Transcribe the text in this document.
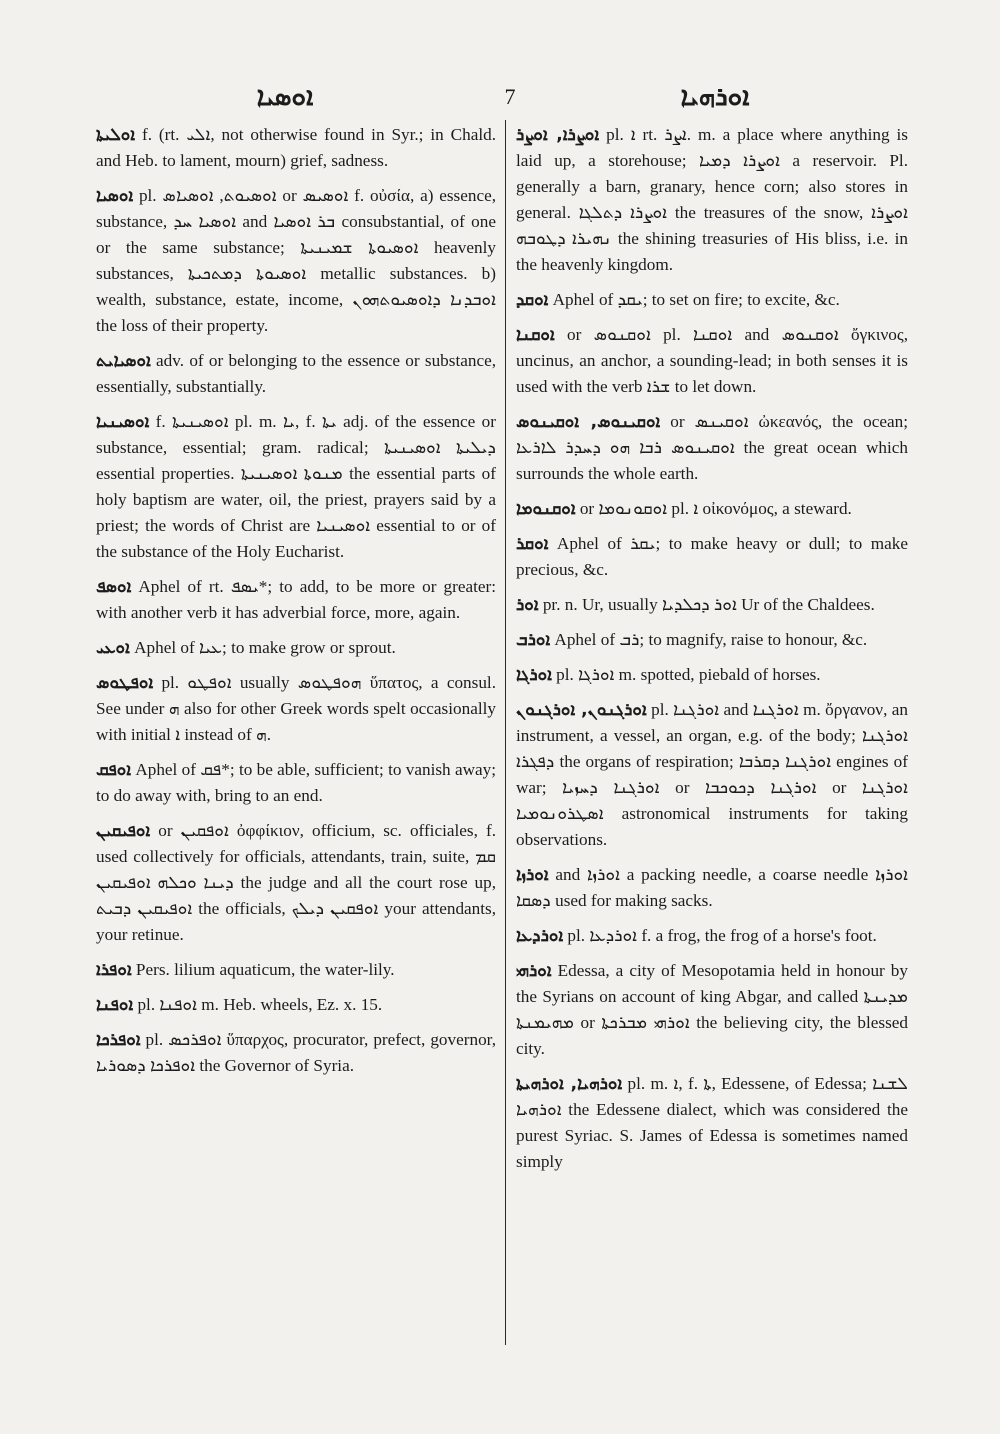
ܐܘܣܝܐ	7	ܐܘܪܗܝܐ

ܐܘܠܝܬܐ f. (rt. ܐܠܝ, not otherwise found in Syr.; in Chald. and Heb. to lament, mourn) grief, sadness.

ܐܘܣܝܐ pl. ܐܘܣܝܘܬ, ܐܘܣܝܐܣ or ܐܘܣܝܣ f. οὐσία, a) essence, substance, ܐܘܣܝܐ ܚܕ and ܒܪ ܐܘܣܝܐ consubstantial, of one or the same substance; ܐܘܣܝܘܬܐ ܫܡܝܢܝܬܐ heavenly substances, ܐܘܣܝܘܬܐ ܕܡܬܟܝܬܐ metallic substances. b) wealth, substance, estate, income, ܐܘܒܕܢܐ ܕܐܘܣܝܘܬܗܘܢ the loss of their property.

ܐܘܣܝܐܝܬ adv. of or belonging to the essence or substance, essentially, substantially.

ܐܘܣܝܢܝܐ f. ܐܘܣܝܢܝܬܐ pl. m. ܝܐ, f. ܝܬܐ adj. of the essence or substance, essential; gram. radical; ܕܝܠܝܬܐ ܐܘܣܝܢܝܬܐ essential properties. ܡܢܘܬܐ ܐܘܣܝܢܝܬܐ the essential parts of holy baptism are water, oil, the priest, prayers said by a priest; the words of Christ are ܐܘܣܝܢܝܐ essential to or of the substance of the Holy Eucharist.

ܐܘܣܦ Aphel of rt. ܝܣܦ*; to add, to be more or greater: with another verb it has adverbial force, more, again.

ܐܘܥܝ Aphel of ܥܝܐ; to make grow or sprout.

ܐܘܦܛܘܣ pl. ܐܘܦܛܘ usually ܗܘܦܛܘܣ ὕπατος, a consul. See under ܗ also for other Greek words spelt occasionally with initial ܐ instead of ܗ.

ܐܘܦܩ Aphel of ܦܩ*; to be able, sufficient; to vanish away; to do away with, bring to an end.

ܐܘܦܝܩܝܢ or ܐܘܦܩܝܢ ὀφφίκιον, officium, sc. officiales, f. used collectively for officials, attendants, train, suite, ܩܡ ܕܝܢܐ ܘܟܠܗ ܐܘܦܝܩܝܢ the judge and all the court rose up, ܐܘܦܝܩܝܢ ܕܒܝܬ the officials, ܐܘܦܩܝܢ ܕܝܠܟ your attendants, your retinue.

ܐܘܦܪܐ Pers. lilium aquaticum, the water-lily.

ܐܘܦܢܐ pl. ܐܘܦܢܐ m. Heb. wheels, Ez. x. 15.

ܐܘܦܪܟܐ pl. ܐܘܦܪܟܣ ὕπαρχος, procurator, prefect, governor, ܐܘܦܪܟܐ ܕܣܘܪܝܐ the Governor of Syria.

ܐܘܨܪܐ, ܐܘܨܪ pl. ܐ rt. ܐܨܪ. m. a place where anything is laid up, a storehouse; ܐܘܨܪܐ ܕܡܝܐ a reservoir. Pl. generally a barn, granary, hence corn; also stores in general. ܐܘܨܪܐ ܕܬܠܓܐ the treasures of the snow, ܐܘܨܪܐ ܢܗܝܪܐ ܕܛܘܒܗ the shining treasuries of His bliss, i.e. in the heavenly kingdom.

ܐܘܩܕ Aphel of ܝܩܕ; to set on fire; to excite, &c.

ܐܘܩܢܐ or ܐܘܩܢܘܣ pl. ܐܘܩܢܐ and ܐܘܩܢܘܣ ὄγκινος, uncinus, an anchor, a sounding-lead; in both senses it is used with the verb ܫܪܐ to let down.

ܐܘܩܝܢܘܣ, ܐܘܩܝܢܘܣ or ܐܘܩܝܢܣ ὠκεανός, the ocean; ܐܘܩܝܢܘܣ ܪܒܐ ܗܘ ܕܚܕܪ ܠܐܪܥܐ the great ocean which surrounds the whole earth.

ܐܘܩܢܘܡܐ or ܐܘܩܘܢܘܡܐ pl. ܐ οἰκονόμος, a steward.

ܐܘܩܪ Aphel of ܝܩܪ; to make heavy or dull; to make precious, &c.

ܐܘܪ pr. n. Ur, usually ܐܘܪ ܕܟܠܕܝܐ Ur of the Chaldees.

ܐܘܪܒ Aphel of ܪܒ; to magnify, raise to honour, &c.

ܐܘܪܓܐ pl. ܐܘܪܓܐ m. spotted, piebald of horses.

ܐܘܪܓܢܘܢ, ܐܘܪܓܢܘܢ pl. ܐܘܪܓܢܐ and ܐܘܪܓܢܐ m. ὄργανον, an instrument, a vessel, an organ, e.g. of the body; ܐܘܪܓܢܐ ܕܦܓܪܐ the organs of respiration; ܐܘܪܓܢܐ ܕܩܪܒܐ engines of war; ܐܘܪܓܢܐ ܕܚܙܝܐ or ܐܘܪܓܢܐ ܕܟܘܟܒܐ or ܐܘܪܓܢܐ ܐܣܛܪܘܢܘܡܝܐ astronomical instruments for taking observations.

ܐܘܪܙܐ and ܐܘܪܙܐ a packing needle, a coarse needle ܐܘܪܙܐ ܕܣܩܐ used for making sacks.

ܐܘܪܕܥܐ pl. ܐܘܪܕܥܐ f. a frog, the frog of a horse's foot.

ܐܘܪܗܝ Edessa, a city of Mesopotamia held in honour by the Syrians on account of king Abgar, and called ܡܕܝܢܬܐ ܡܗܝܡܢܬܐ or ܐܘܪܗܝ ܡܒܪܟܬܐ the believing city, the blessed city.

ܐܘܪܗܝܐ, ܐܘܪܗܝܬܐ pl. m. ܐ, f. ܬܐ, Edessene, of Edessa; ܠܫܢܐ ܐܘܪܗܝܐ the Edessene dialect, which was considered the purest Syriac. S. James of Edessa is sometimes named simply
